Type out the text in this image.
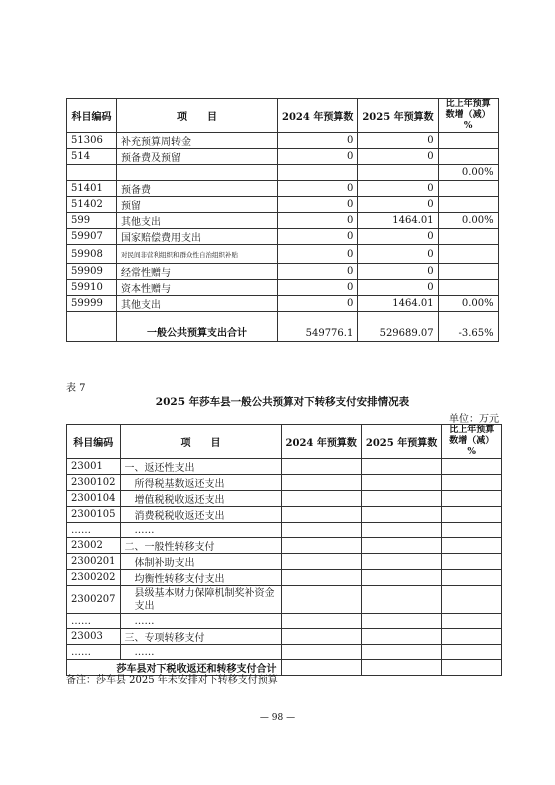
科目编码	项　　目	2024 年预算数	2025 年预算数	比上年预算数增（减）%
51306	补充预算周转金	0	0	
514	预备费及预留	0	0	
				0.00%
51401	预备费	0	0	
51402	预留	0	0	
599	其他支出	0	1464.01	0.00%
59907	国家赔偿费用支出	0	0	
59908	对民间非营利组织和群众性自治组织补贴	0	0	
59909	经常性赠与	0	0	
59910	资本性赠与	0	0	
59999	其他支出	0	1464.01	0.00%
	一般公共预算支出合计	549776.1	529689.07	-3.65%
表 7
2025 年莎车县一般公共预算对下转移支付安排情况表
单位：万元
科目编码	项　　目	2024 年预算数	2025 年预算数	比上年预算数增（减）%
23001	一、返还性支出			
2300102	所得税基数返还支出			
2300104	增值税税收返还支出			
2300105	消费税税收返还支出			
……	……			
23002	二、一般性转移支付			
2300201	体制补助支出			
2300202	均衡性转移支付支出			
2300207	县级基本财力保障机制奖补资金支出			
……	……			
23003	三、专项转移支付			
……	……			
莎车县对下税收返还和转移支付合计				
备注：莎车县 2025 年未安排对下转移支付预算
— 98 —
